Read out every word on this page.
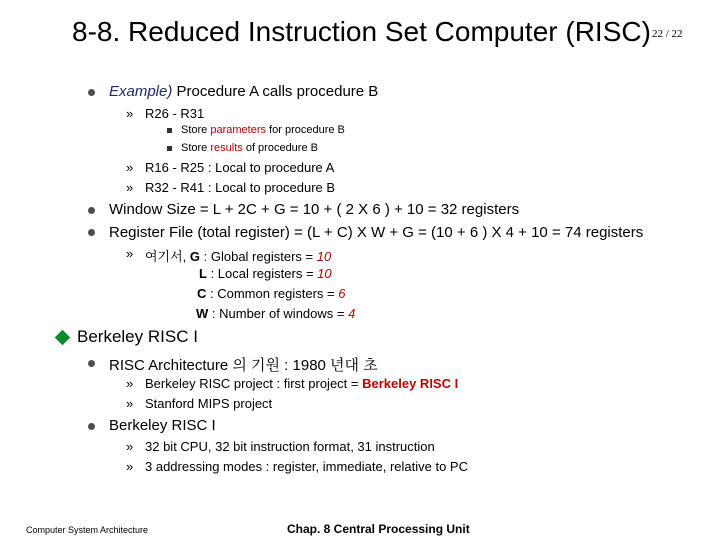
8-8. Reduced Instruction Set Computer (RISC) 22 / 22
Example) Procedure A calls procedure B
» R26 - R31
Store parameters for procedure B
Store results of procedure B
» R16 - R25 : Local to procedure A
» R32 - R41 : Local to procedure B
Window Size = L + 2C + G = 10 + ( 2 X 6 ) + 10 = 32 registers
Register File (total register) = (L + C) X W + G = (10 + 6 ) X 4 + 10 = 74 registers
» 여기서, G : Global registers = 10
L : Local registers = 10
C : Common registers = 6
W : Number of windows = 4
Berkeley RISC I
RISC Architecture 의 기원 : 1980 년대 초
» Berkeley RISC project : first project = Berkeley RISC I
» Stanford MIPS project
Berkeley RISC I
» 32 bit CPU, 32 bit instruction format, 31 instruction
» 3 addressing modes : register, immediate, relative to PC
Computer System Architecture	Chap. 8 Central Processing Unit
